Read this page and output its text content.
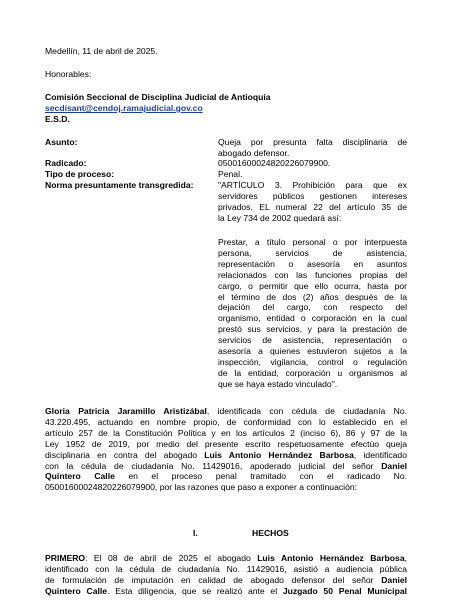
Medellín, 11 de abril de 2025.
Honorables:
Comisión Seccional de Disciplina Judicial de Antioquia
secdisant@cendoj.ramajudicial.gov.co
E.S.D.
Asunto:	Queja por presunta falta disciplinaria de
abogado defensor.
Radicado:	05001600024820226079900.
Tipo de proceso:	Penal.
Norma presuntamente transgredida:	"ARTÍCULO 3. Prohibición para que ex
servidores públicos gestionen intereses
privados. EL numeral 22 del artículo 35 de
la Ley 734 de 2002 quedará así:
Prestar, a título personal o por interpuesta
persona, servicios de asistencia,
representación o asesoría en asuntos
relacionados con las funciones propias del
cargo, o permitir que ello ocurra, hasta por
el término de dos (2) años después de la
dejación del cargo, con respecto del
organismo, entidad o corporación en la cual
prestó sus servicios, y para la prestación de
servicios de asistencia, representación o
asesoría a quienes estuvieron sujetos a la
inspección, vigilancia, control o regulación
de la entidad, corporación u organismos al
que se haya estado vinculado".
Gloria Patricia Jaramillo Aristizábal, identificada con cédula de ciudadanía No.
43.220.495, actuando en nombre propio, de conformidad con lo establecido en el
artículo 257 de la Constitución Política y en los artículos 2 (inciso 6), 86 y 97 de la
Ley 1952 de 2019, por medio del presente escrito respetuosamente efectúo queja
disciplinaria en contra del abogado Luis Antonio Hernández Barbosa, identificado
con la cédula de ciudadanía No. 11429016, apoderado judicial del señor Daniel
Quintero Calle en el proceso penal tramitado con el radicado No.
05001600024820226079900, por las razones que paso a exponer a continuación:
I.	HECHOS
PRIMERO: El 08 de abril de 2025 el abogado Luis Antonio Hernández Barbosa,
identificado con la cédula de ciudadanía No. 11429016, asistió a audiencia pública
de formulación de imputación en calidad de abogado defensor del señor Daniel
Quintero Calle. Esta diligencia, que se realizó ante el Juzgado 50 Penal Municipal
